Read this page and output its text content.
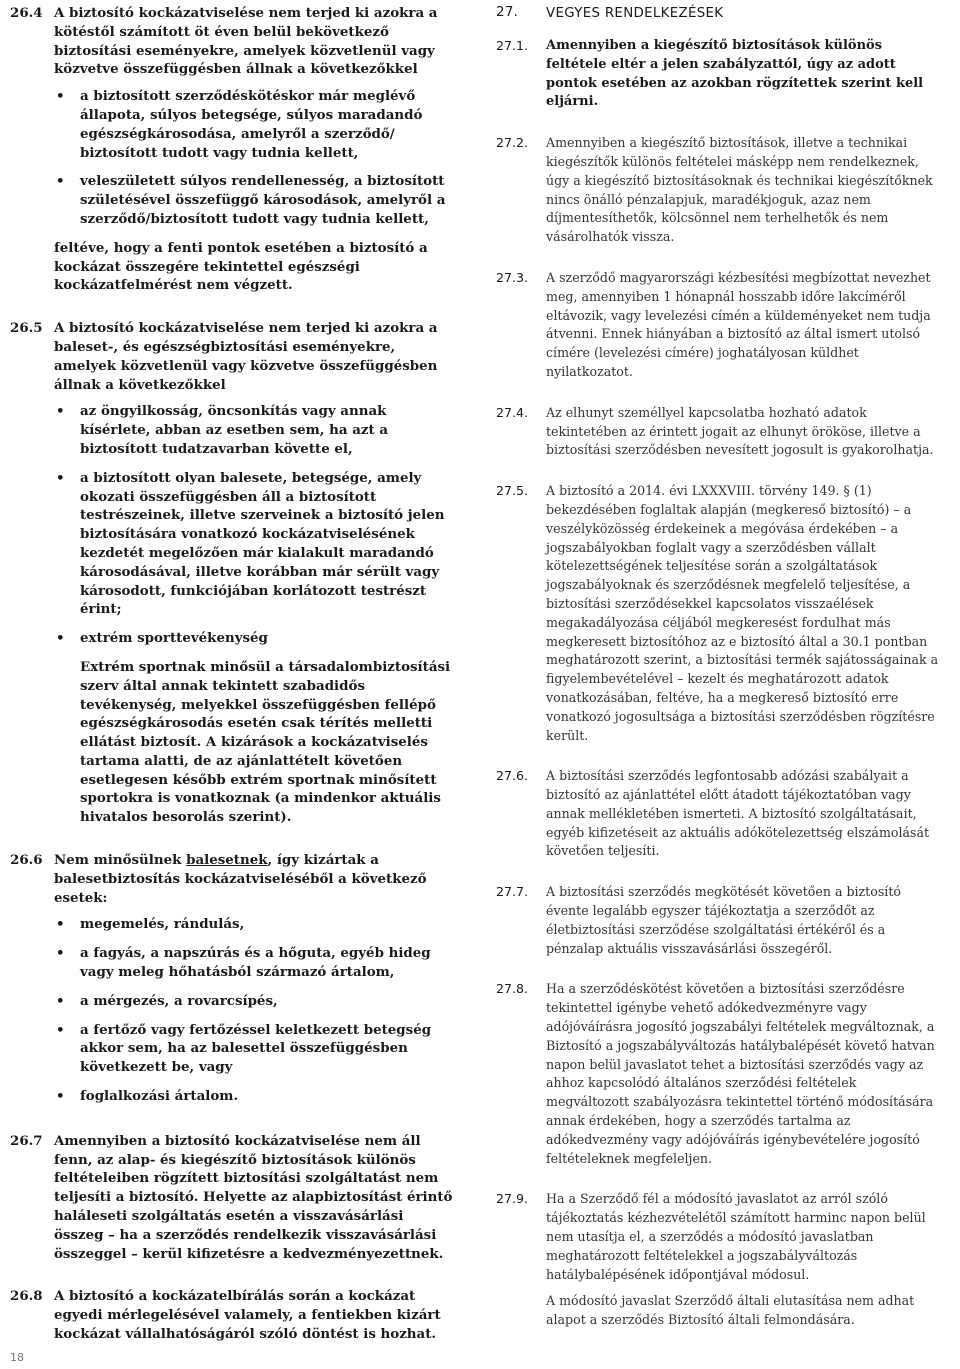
26.4 A biztosító kockázatviselése nem terjed ki azokra a kötéstől számított öt éven belül bekövetkező biztosítási eseményekre, amelyek közvetlenül vagy közvetve összefüggésben állnak a következőkkel

• a biztosított szerződéskötéskor már meglévő állapota, súlyos betegsége, súlyos maradandó egészségkárosodása, amelyről a szerződő/ biztosított tudott vagy tudnia kellett,
• veleszületett súlyos rendellenesség, a biztosított születésével összefüggő károsodások, amelyről a szerződő/biztosított tudott vagy tudnia kellett,

feltéve, hogy a fenti pontok esetében a biztosító a kockázat összegére tekintettel egészségi kockázatfelmérést nem végzett.

26.5 A biztosító kockázatviselése nem terjed ki azokra a baleset-, és egészségbiztosítási eseményekre, amelyek közvetlenül vagy közvetve összefüggésben állnak a következőkkel

• az öngyilkosság, öncsonkítás vagy annak kísérlete, abban az esetben sem, ha azt a biztosított tudatzavarban követte el,
• a biztosított olyan balesete, betegsége, amely okozati összefüggésben áll a biztosított testrészeinek, illetve szerveinek a biztosító jelen biztosítására vonatkozó kockázatviselésének kezdetét megelőzően már kialakult maradandó károsodásával, illetve korábban már sérült vagy károsodott, funkciójában korlátozott testrészt érint;
• extrém sporttevékenység

Extrém sportnak minősül a társadalombiztosítási szerv által annak tekintett szabadidős tevékenység, melyekkel összefüggésben fellépő egészségkárosodás esetén csak térítés melletti ellátást biztosít. A kizárások a kockázatviselés tartama alatti, de az ajánlattételt követően esetlegesen később extrém sportnak minősített sportokra is vonatkoznak (a mindenkor aktuális hivatalos besorolás szerint).

26.6 Nem minősülnek balesetnek, így kizártak a balesetbiztosítás kockázatviseléséből a következő esetek:

• megemelés, rándulás,
• a fagyás, a napszúrás és a hőguta, egyéb hideg vagy meleg hőhatásból származó ártalom,
• a mérgezés, a rovarcsípés,
• a fertőző vagy fertőzéssel keletkezett betegség akkor sem, ha az balesettel összefüggésben következett be, vagy
• foglalkozási ártalom.
26.7 Amennyiben a biztosító kockázatviselése nem áll fenn, az alap- és kiegészítő biztosítások különös feltételeiben rögzített biztosítási szolgáltatást nem teljesíti a biztosító. Helyette az alapbiztosítást érintő haláleseti szolgáltatás esetén a visszavásárlási összeg – ha a szerződés rendelkezik visszavásárlási összeggel – kerül kifizetésre a kedvezményezettnek.

26.8 A biztosító a kockázatelbírálás során a kockázat egyedi mérlegelésével valamely, a fentiekben kizárt kockázat vállalhatóságáról szóló döntést is hozhat.

27.	VEGYES RENDELKEZÉSEK
27.1.	Amennyiben a kiegészítő biztosítások különös feltétele eltér a jelen szabályzattól, úgy az adott pontok esetében az azokban rögzítettek szerint kell eljárni.

27.2.	Amennyiben a kiegészítő biztosítások, illetve a technikai kiegészítők különös feltételei másképp nem rendelkeznek, úgy a kiegészítő biztosításoknak és technikai kiegészítőknek nincs önálló pénzalapjuk, maradékjoguk, azaz nem díjmentesíthetők, kölcsönnel nem terhelhetők és nem vásárolhatók vissza.

27.3.	A szerződő magyarországi kézbesítési megbízottat nevezhet meg, amennyiben 1 hónapnál hosszabb időre lakcíméről eltávozik, vagy levelezési címén a küldeményeket nem tudja átvenni. Ennek hiányában a biztosító az által ismert utolsó címére (levelezési címére) joghatályosan küldhet nyilatkozatot.

27.4.	Az elhunyt személlyel kapcsolatba hozható adatok tekintetében az érintett jogait az elhunyt örököse, illetve a biztosítási szerződésben nevesített jogosult is gyakorolhatja.

27.5.	A biztosító a 2014. évi LXXXVIII. törvény 149. § (1) bekezdésében foglaltak alapján (megkereső biztosító) – a veszélyközösség érdekeinek a megóvása érdekében – a jogszabályokban foglalt vagy a szerződésben vállalt kötelezettségének teljesítése során a szolgáltatások jogszabályoknak és szerződésnek megfelelő teljesítése, a biztosítási szerződésekkel kapcsolatos visszaélések megakadályozása céljából megkeresést fordulhat más megkeresett biztosítóhoz az e biztosító által a 30.1 pontban meghatározott szerint, a biztosítási termék sajátosságainak a figyelembevételével – kezelt és meghatározott adatok vonatkozásában, feltéve, ha a megkereső biztosító erre vonatkozó jogosultsága a biztosítási szerződésben rögzítésre került.

27.6.	A biztosítási szerződés legfontosabb adózási szabályait a biztosító az ajánlattétel előtt átadott tájékoztatóban vagy annak mellékletében ismerteti. A biztosító szolgáltatásait, egyéb kifizetéseit az aktuális adókötelezettség elszámolását követően teljesíti.

27.7.	A biztosítási szerződés megkötését követően a biztosító évente legalább egyszer tájékoztatja a szerződőt az életbiztosítási szerződése szolgáltatási értékéről és a pénzalap aktuális visszavásárlási összegéről.

27.8.	Ha a szerződéskötést követően a biztosítási szerződésre tekintettel igénybe vehető adókedvezményre vagy adójóváírásra jogosító jogszabályi feltételek megváltoznak, a Biztosító a jogszabályváltozás hatálybalépését követő hatvan napon belül javaslatot tehet a biztosítási szerződés vagy az ahhoz kapcsolódó általános szerződési feltételek megváltozott szabályozásra tekintettel történő módosítására annak érdekében, hogy a szerződés tartalma az adókedvezmény vagy adójóváírás igénybevételére jogosító feltételeknek megfeleljen.

27.9.	Ha a Szerződő fél a módosító javaslatot az arról szóló tájékoztatás kézhezvételétől számított harminc napon belül nem utasítja el, a szerződés a módosító javaslatban meghatározott feltételekkel a jogszabályváltozás hatálybalépésének időpontjával módosul.

A módosító javaslat Szerződő általi elutasítása nem adhat alapot a szerződés Biztosító általi felmondására.

18
